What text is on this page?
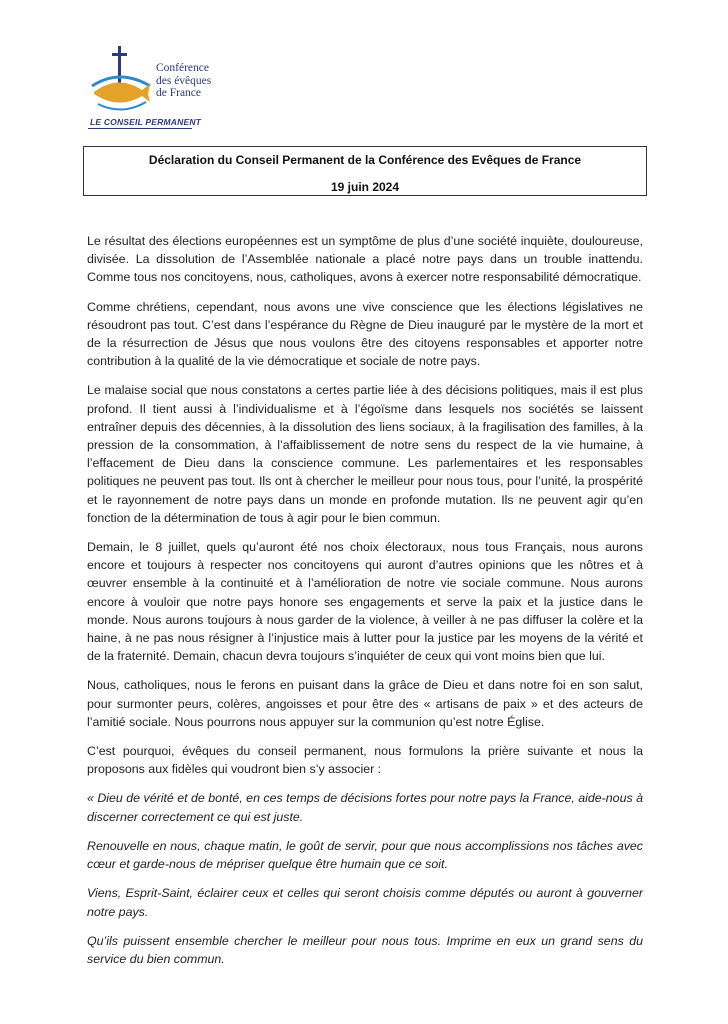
Conférence
des évêques
de France
LE CONSEIL PERMANENT
Déclaration du Conseil Permanent de la Conférence des Evêques de France
19 juin 2024

Le résultat des élections européennes est un symptôme de plus d’une société inquiète, douloureuse, divisée. La dissolution de l’Assemblée nationale a placé notre pays dans un trouble inattendu. Comme tous nos concitoyens, nous, catholiques, avons à exercer notre responsabilité démocratique.

Comme chrétiens, cependant, nous avons une vive conscience que les élections législatives ne résoudront pas tout. C’est dans l’espérance du Règne de Dieu inauguré par le mystère de la mort et de la résurrection de Jésus que nous voulons être des citoyens responsables et apporter notre contribution à la qualité de la vie démocratique et sociale de notre pays.

Le malaise social que nous constatons a certes partie liée à des décisions politiques, mais il est plus profond. Il tient aussi à l’individualisme et à l’égoïsme dans lesquels nos sociétés se laissent entraîner depuis des décennies, à la dissolution des liens sociaux, à la fragilisation des familles, à la pression de la consommation, à l’affaiblissement de notre sens du respect de la vie humaine, à l’effacement de Dieu dans la conscience commune. Les parlementaires et les responsables politiques ne peuvent pas tout. Ils ont à chercher le meilleur pour nous tous, pour l’unité, la prospérité et le rayonnement de notre pays dans un monde en profonde mutation. Ils ne peuvent agir qu’en fonction de la détermination de tous à agir pour le bien commun.

Demain, le 8 juillet, quels qu’auront été nos choix électoraux, nous tous Français, nous aurons encore et toujours à respecter nos concitoyens qui auront d’autres opinions que les nôtres et à œuvrer ensemble à la continuité et à l’amélioration de notre vie sociale commune. Nous aurons encore à vouloir que notre pays honore ses engagements et serve la paix et la justice dans le monde. Nous aurons toujours à nous garder de la violence, à veiller à ne pas diffuser la colère et la haine, à ne pas nous résigner à l’injustice mais à lutter pour la justice par les moyens de la vérité et de la fraternité. Demain, chacun devra toujours s’inquiéter de ceux qui vont moins bien que lui.

Nous, catholiques, nous le ferons en puisant dans la grâce de Dieu et dans notre foi en son salut, pour surmonter peurs, colères, angoisses et pour être des « artisans de paix » et des acteurs de l’amitié sociale. Nous pourrons nous appuyer sur la communion qu’est notre Église.

C’est pourquoi, évêques du conseil permanent, nous formulons la prière suivante et nous la proposons aux fidèles qui voudront bien s’y associer :

« Dieu de vérité et de bonté, en ces temps de décisions fortes pour notre pays la France, aide-nous à discerner correctement ce qui est juste.

Renouvelle en nous, chaque matin, le goût de servir, pour que nous accomplissions nos tâches avec cœur et garde-nous de mépriser quelque être humain que ce soit.

Viens, Esprit-Saint, éclairer ceux et celles qui seront choisis comme députés ou auront à gouverner notre pays.

Qu’ils puissent ensemble chercher le meilleur pour nous tous. Imprime en eux un grand sens du service du bien commun.
